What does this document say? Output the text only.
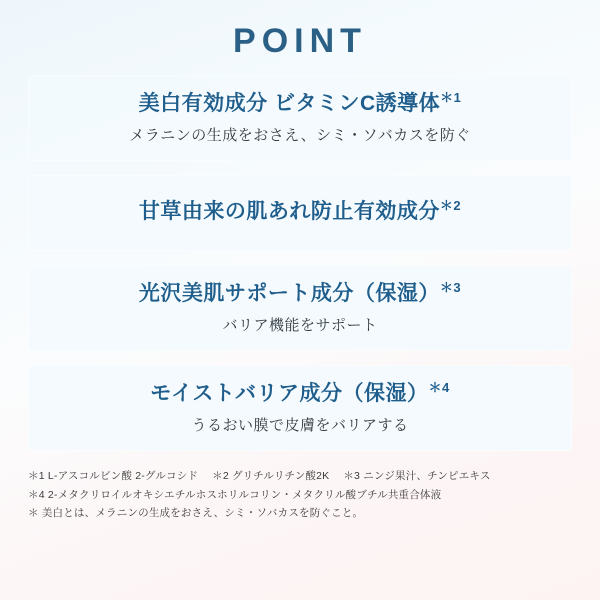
POINT
美白有効成分 ビタミンC誘導体$^{*1}$
メラニンの生成をおさえ、シミ・ソバカスを防ぐ
甘草由来の肌あれ防止有効成分$^{*2}$
光沢美肌サポート成分（保湿）$^{*3}$
バリア機能をサポート
モイストバリア成分（保湿）$^{*4}$
うるおい膜で皮膚をバリアする
＊1 L-アスコルビン酸 2-グルコシド ＊2 グリチルリチン酸2K ＊3 ニンジ果汁、チンピエキス
＊4 2-メタクリロイルオキシエチルホスホリルコリン・メタクリル酸ブチル共重合体液
＊ 美白とは、メラニンの生成をおさえ、シミ・ソバカスを防ぐこと。
